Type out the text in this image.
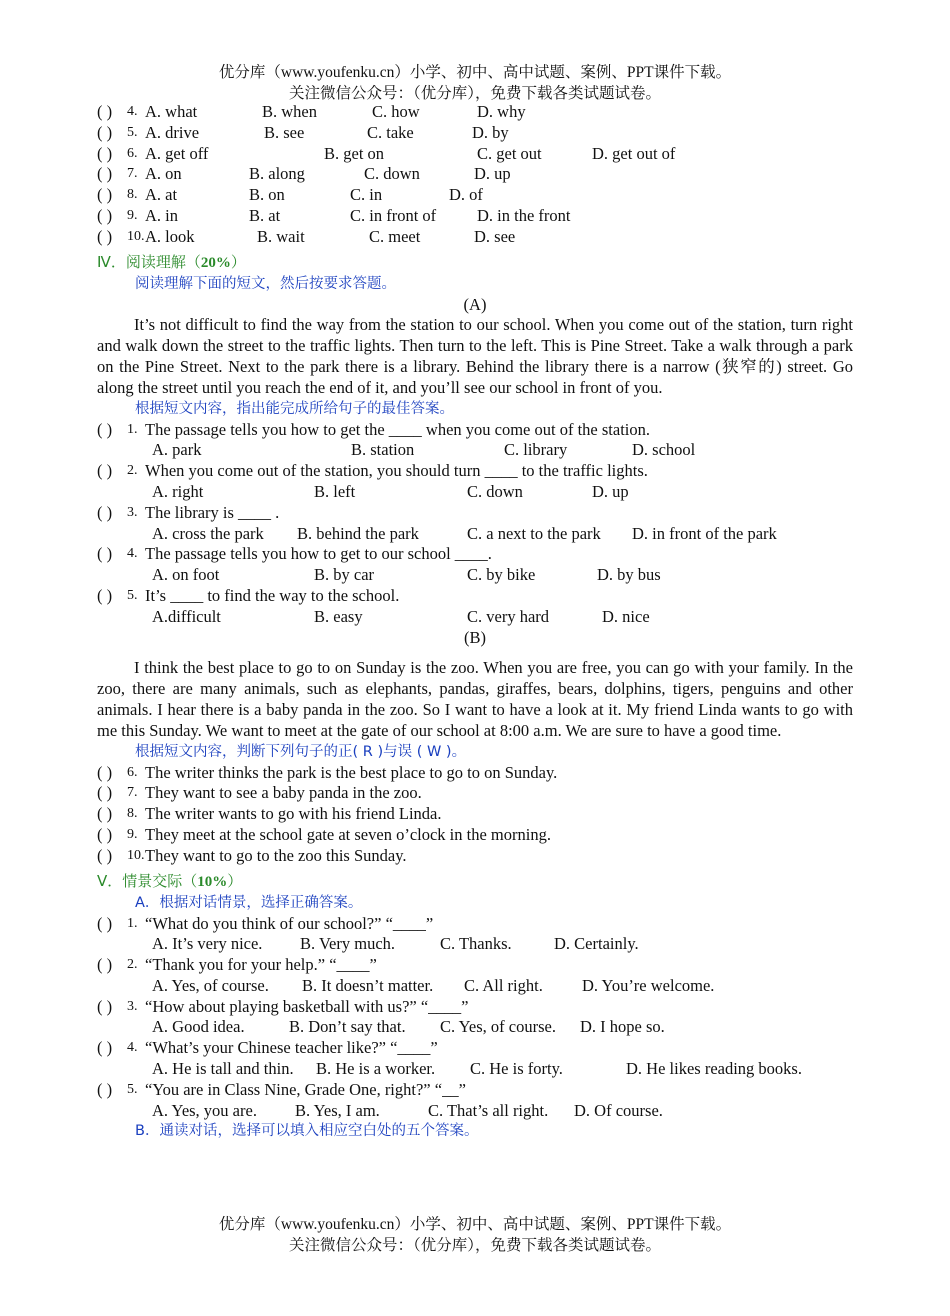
优分库（www.youfenku.cn）小学、初中、高中试题、案例、PPT课件下载。
关注微信公众号：（优分库），免费下载各类试题试卷。
( ) 4. A. what	B. when	C. how	D. why
( ) 5. A. drive	B. see	C. take	D. by
( ) 6. A. get off	B. get on	C. get out	D. get out of
( ) 7. A. on	B. along	C. down	D. up
( ) 8. A. at	B. on	C. in	D. of
( ) 9. A. in	B. at	C. in front of D. in the front
( ) 10. A. look	B. wait	C. meet	D. see
Ⅳ．阅读理解（20%）
阅读理解下面的短文，然后按要求答题。
(A)

It’s not difficult to find the way from the station to our school. When you come out of the station, turn right and walk down the street to the traffic lights. Then turn to the left. This is Pine Street. Take a walk through a park on the Pine Street. Next to the park there is a library. Behind the library there is a narrow (狭窄的) street. Go along the street until you reach the end of it, and you’ll see our school in front of you.

根据短文内容，指出能完成所给句子的最佳答案。
( ) 1. The passage tells you how to get the ____ when you come out of the station.
A. park	B. station	C. library	D. school
( ) 2. When you come out of the station, you should turn ____ to the traffic lights.
A. right	B. left	C. down	D. up
( ) 3. The library is ____ .
A. cross the park B. behind the park	C. a next to the park D. in front of the park
( ) 4. The passage tells you how to get to our school ____.
A. on foot	B. by car	C. by bike	D. by bus
( ) 5. It’s ____ to find the way to the school.
A.difficult	B. easy	C. very hard	D. nice
(B)

I think the best place to go to on Sunday is the zoo. When you are free, you can go with your family. In the zoo, there are many animals, such as elephants, pandas, giraffes, bears, dolphins, tigers, penguins and other animals. I hear there is a baby panda in the zoo. So I want to have a look at it. My friend Linda wants to go with me this Sunday. We want to meet at the gate of our school at 8:00 a.m. We are sure to have a good time.

根据短文内容，判断下列句子的正( R )与误 ( W )。
( ) 6. The writer thinks the park is the best place to go to on Sunday.
( ) 7. They want to see a baby panda in the zoo.
( ) 8. The writer wants to go with his friend Linda.
( ) 9. They meet at the school gate at seven o’clock in the morning.
( ) 10. They want to go to the zoo this Sunday.
Ⅴ．情景交际（10%）
A．根据对话情景，选择正确答案。
( ) 1. “What do you think of our school?” “____”
A. It’s very nice. B. Very much.	C. Thanks.	D. Certainly.
( ) 2. “Thank you for your help.” “____”
A. Yes, of course. B. It doesn’t matter. C. All right. D. You’re welcome.
( ) 3. “How about playing basketball with us?” “____”
A. Good idea.	B. Don’t say that. C. Yes, of course. D. I hope so.
( ) 4. “What’s your Chinese teacher like?” “____”
A. He is tall and thin. B. He is a worker. C. He is forty.	D. He likes reading books.
( ) 5. “You are in Class Nine, Grade One, right?” “__”
A. Yes, you are. B. Yes, I am.	C. That’s all right. D. Of course.
B．通读对话，选择可以填入相应空白处的五个答案。
优分库（www.youfenku.cn）小学、初中、高中试题、案例、PPT课件下载。
关注微信公众号：（优分库），免费下载各类试题试卷。
